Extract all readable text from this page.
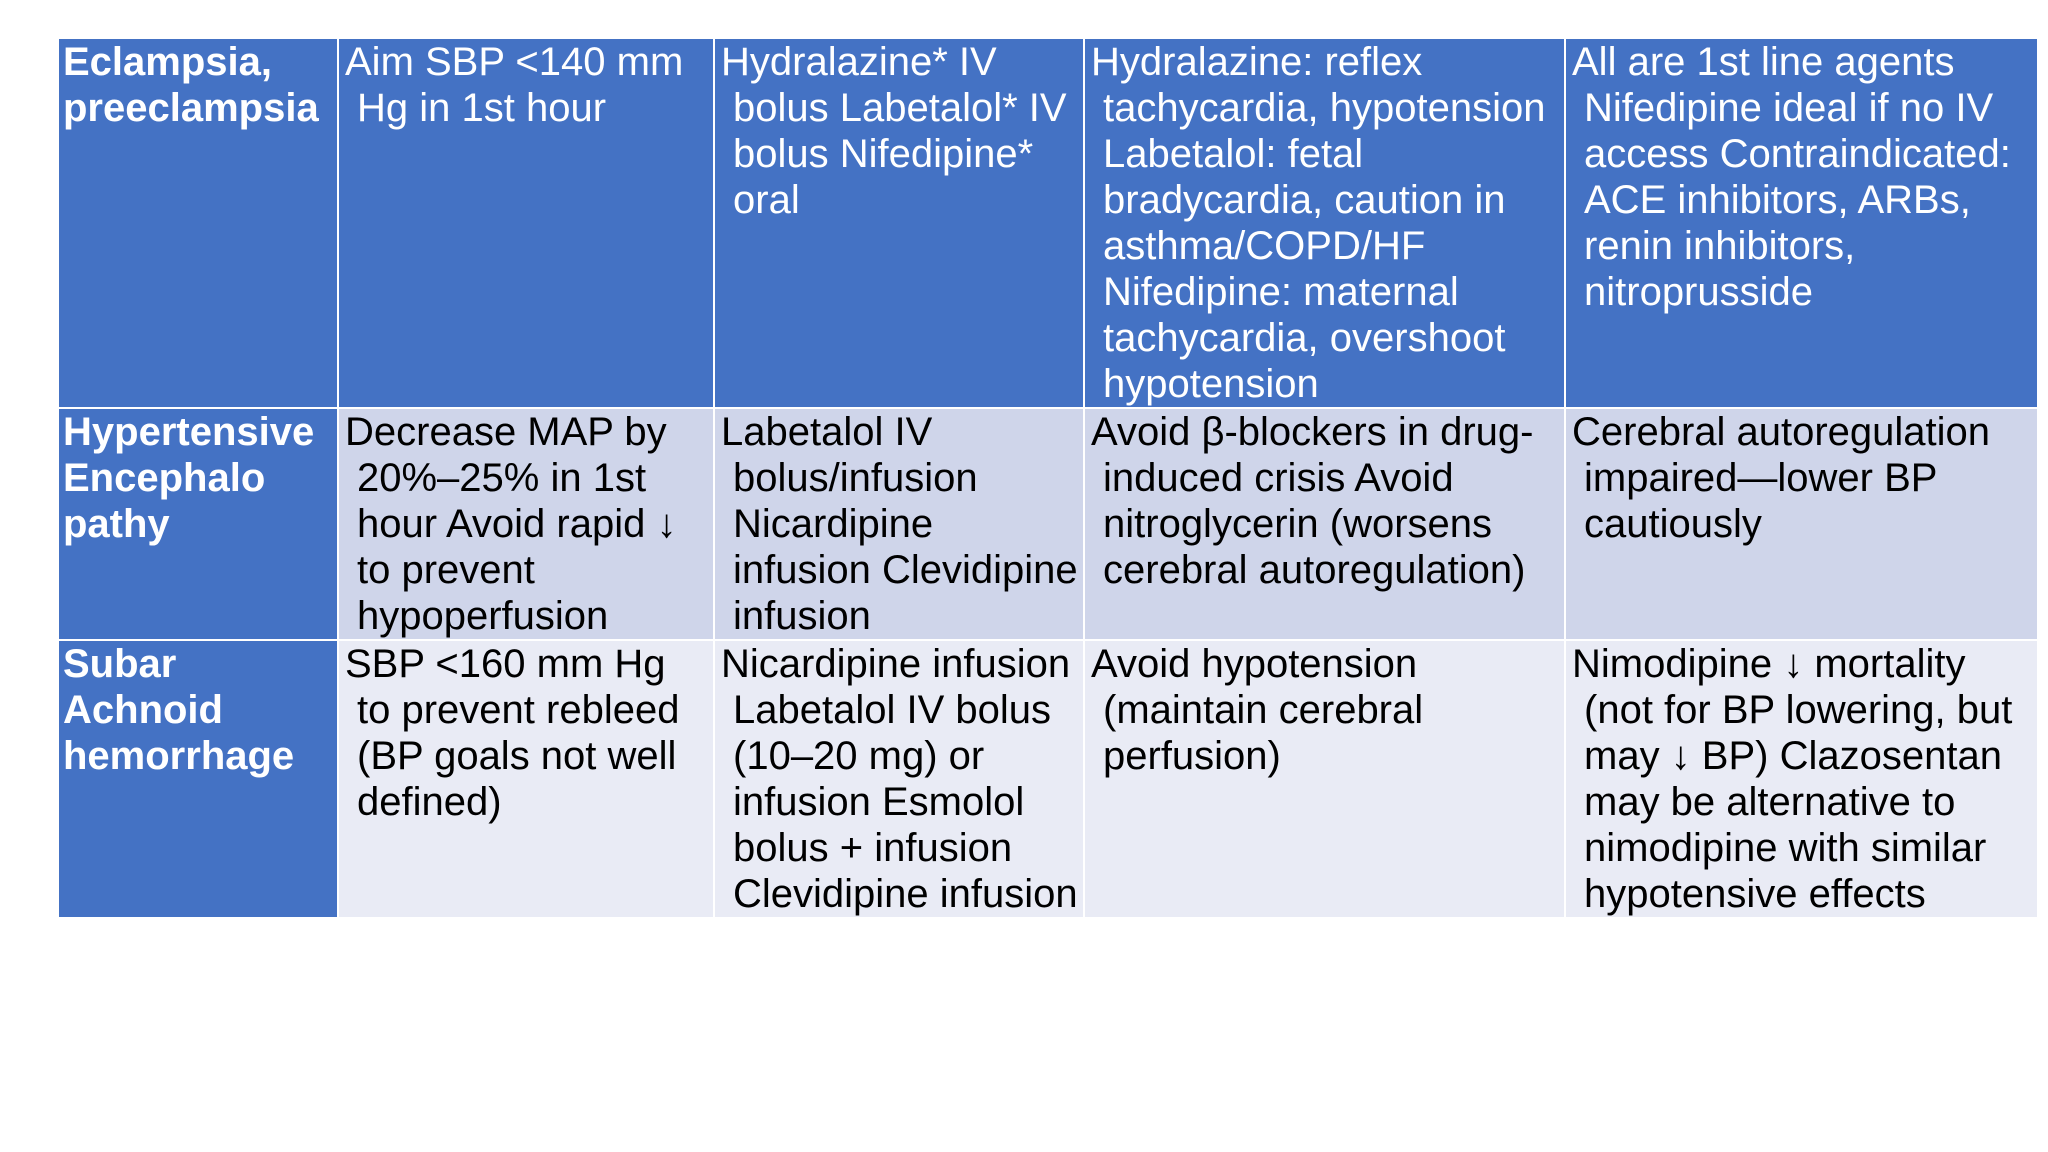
Eclampsia, preeclampsia	Aim SBP <140 mm Hg in 1st hour	Hydralazine* IV bolus Labetalol* IV bolus Nifedipine* oral	Hydralazine: reflex tachycardia, hypotension Labetalol: fetal bradycardia, caution in asthma/COPD/HF Nifedipine: maternal tachycardia, overshoot hypotension	All are 1st line agents Nifedipine ideal if no IV access Contraindicated: ACE inhibitors, ARBs, renin inhibitors, nitroprusside

Hypertensive Encephalo pathy	Decrease MAP by 20%–25% in 1st hour Avoid rapid ↓ to prevent hypoperfusion	Labetalol IV bolus/infusion Nicardipine infusion Clevidipine infusion	Avoid β-blockers in drug-induced crisis Avoid nitroglycerin (worsens cerebral autoregulation)	Cerebral autoregulation impaired—lower BP cautiously

Subar Achnoid hemorrhage	SBP <160 mm Hg to prevent rebleed (BP goals not well defined)	Nicardipine infusion Labetalol IV bolus (10–20 mg) or infusion Esmolol bolus + infusion Clevidipine infusion	Avoid hypotension (maintain cerebral perfusion)	Nimodipine ↓ mortality (not for BP lowering, but may ↓ BP) Clazosentan may be alternative to nimodipine with similar hypotensive effects
